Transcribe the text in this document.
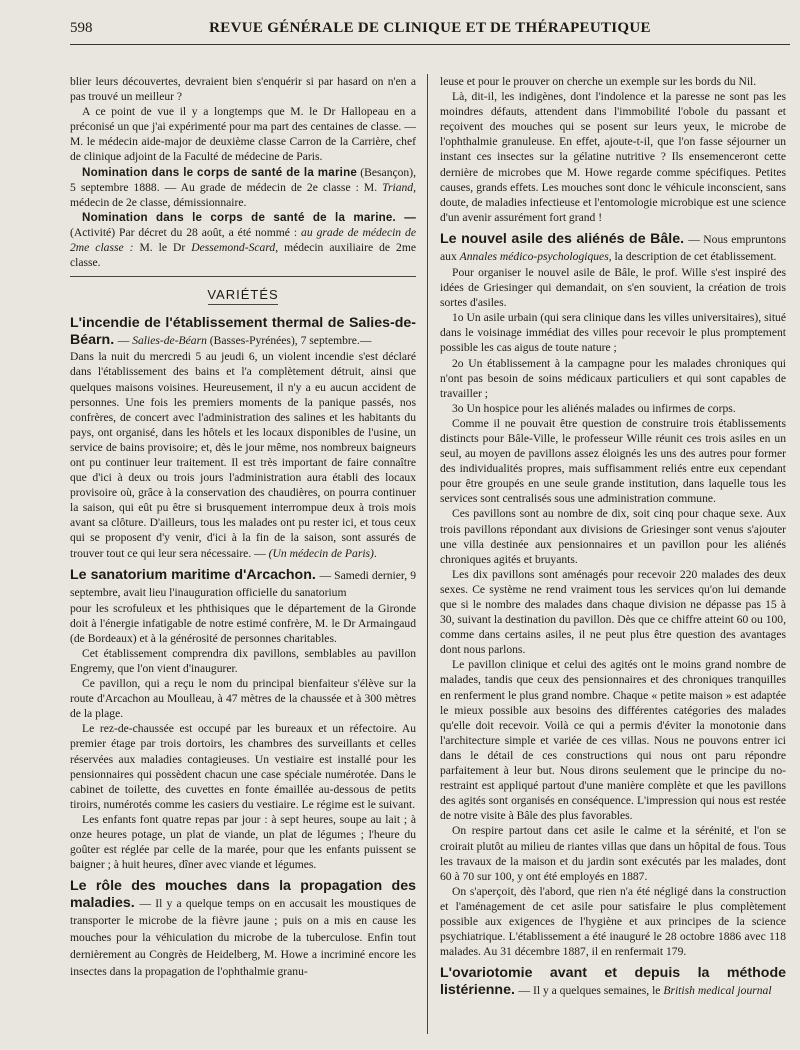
598	REVUE GÉNÉRALE DE CLINIQUE ET DE THÉRAPEUTIQUE

blier leurs découvertes, devraient bien s'enquérir si par hasard on n'en a pas trouvé un meilleur ?

A ce point de vue il y a longtemps que M. le Dr Hallopeau en a préconisé un que j'ai expérimenté pour ma part des centaines de classe. — M. le médecin aide-major de deuxième classe Carron de la Carrière, chef de clinique adjoint de la Faculté de médecine de Paris.

Nomination dans le corps de santé de la marine (Besançon), 5 septembre 1888. — Au grade de médecin de 2e classe : M. Triand, médecin de 2e classe, démissionnaire.

Nomination dans le corps de santé de la marine. — (Activité) Par décret du 28 août, a été nommé : au grade de médecin de 2me classe : M. le Dr Dessemond-Scard, médecin auxiliaire de 2me classe.

VARIÉTÉS

L'incendie de l'établissement thermal de Salies-de-Béarn. — Salies-de-Béarn (Basses-Pyrénées), 7 septembre.—

Dans la nuit du mercredi 5 au jeudi 6, un violent incendie s'est déclaré dans l'établissement des bains et l'a complètement détruit, ainsi que quelques maisons voisines. Heureusement, il n'y a eu aucun accident de personnes. Une fois les premiers moments de la panique passés, nos confrères, de concert avec l'administration des salines et les habitants du pays, ont organisé, dans les hôtels et les locaux disponibles de l'usine, un service de bains provisoire; et, dès le jour même, nos nombreux baigneurs ont pu continuer leur traitement. Il est très important de faire connaître que d'ici à deux ou trois jours l'administration aura établi des locaux provisoire où, grâce à la conservation des chaudières, on pourra continuer la saison, qui eût pu être si brusquement interrompue deux à trois mois avant sa clôture. D'ailleurs, tous les malades ont pu rester ici, et tous ceux qui se proposent d'y venir, d'ici à la fin de la saison, sont assurés de trouver tout ce qui leur sera nécessaire. — (Un médecin de Paris).

Le sanatorium maritime d'Arcachon. — Samedi dernier, 9 septembre, avait lieu l'inauguration officielle du sanatorium

pour les scrofuleux et les phthisiques que le département de la Gironde doit à l'énergie infatigable de notre estimé confrère, M. le Dr Armaingaud (de Bordeaux) et à la générosité de personnes charitables.

Cet établissement comprendra dix pavillons, semblables au pavillon Engremy, que l'on vient d'inaugurer.

Ce pavillon, qui a reçu le nom du principal bienfaiteur s'élève sur la route d'Arcachon au Moulleau, à 47 mètres de la chaussée et à 300 mètres de la plage.

Le rez-de-chaussée est occupé par les bureaux et un réfectoire. Au premier étage par trois dortoirs, les chambres des surveillants et celles réservées aux maladies contagieuses. Un vestiaire est installé pour les pensionnaires qui possèdent chacun une case spéciale numérotée. Dans le cabinet de toilette, des cuvettes en fonte émaillée au-dessous de petits tiroirs, numérotés comme les casiers du vestiaire. Le régime est le suivant.

Les enfants font quatre repas par jour : à sept heures, soupe au lait ; à onze heures potage, un plat de viande, un plat de légumes ; l'heure du goûter est réglée par celle de la marée, pour que les enfants puissent se baigner ; à huit heures, dîner avec viande et légumes.

Le rôle des mouches dans la propagation des maladies. — Il y a quelque temps on en accusait les moustiques de transporter le microbe de la fièvre jaune ; puis on a mis en cause les mouches pour la véhiculation du microbe de la tuberculose. Enfin tout dernièrement au Congrès de Heidelberg, M. Howe a incriminé encore les insectes dans la propagation de l'ophthalmie granu-

leuse et pour le prouver on cherche un exemple sur les bords du Nil.

Là, dit-il, les indigènes, dont l'indolence et la paresse ne sont pas les moindres défauts, attendent dans l'immobilité l'obole du passant et reçoivent des mouches qui se posent sur leurs yeux, le microbe de l'ophthalmie granuleuse. En effet, ajoute-t-il, que l'on fasse séjourner un instant ces insectes sur la gélatine nutritive ? Ils ensemenceront cette dernière de microbes que M. Howe regarde comme spécifiques. Petites causes, grands effets. Les mouches sont donc le véhicule inconscient, sans doute, de maladies infectieuse et l'entomologie microbique est une science d'un avenir assurément fort grand !

Le nouvel asile des aliénés de Bâle. — Nous empruntons aux Annales médico-psychologiques, la description de cet établissement.

Pour organiser le nouvel asile de Bâle, le prof. Wille s'est inspiré des idées de Griesinger qui demandait, on s'en souvient, la création de trois sortes d'asiles.

1o Un asile urbain (qui sera clinique dans les villes universitaires), situé dans le voisinage immédiat des villes pour recevoir le plus promptement possible les cas aigus de toute nature ;

2o Un établissement à la campagne pour les malades chroniques qui n'ont pas besoin de soins médicaux particuliers et qui sont capables de travailler ;

3o Un hospice pour les aliénés malades ou infirmes de corps.

Comme il ne pouvait être question de construire trois établissements distincts pour Bâle-Ville, le professeur Wille réunit ces trois asiles en un seul, au moyen de pavillons assez éloignés les uns des autres pour former des individualités propres, mais suffisamment reliés entre eux cependant pour être groupés en une seule grande institution, dans laquelle tous les services sont centralisés sous une administration commune.

Ces pavillons sont au nombre de dix, soit cinq pour chaque sexe. Aux trois pavillons répondant aux divisions de Griesinger sont venus s'ajouter une villa destinée aux pensionnaires et un pavillon pour les aliénés chroniques agités et bruyants.

Les dix pavillons sont aménagés pour recevoir 220 malades des deux sexes. Ce système ne rend vraiment tous les services qu'on lui demande que si le nombre des malades dans chaque division ne dépasse pas 15 à 30, suivant la destination du pavillon. Dès que ce chiffre atteint 60 ou 100, comme dans certains asiles, il ne peut plus être question des avantages dont nous parlons.

Le pavillon clinique et celui des agités ont le moins grand nombre de malades, tandis que ceux des pensionnaires et des chroniques tranquilles en renferment le plus grand nombre. Chaque « petite maison » est adaptée le mieux possible aux besoins des différentes catégories des malades qu'elle doit recevoir. Voilà ce qui a permis d'éviter la monotonie dans l'architecture simple et variée de ces villas. Nous ne pouvons entrer ici dans le détail de ces constructions qui nous ont paru répondre parfaitement à leur but. Nous dirons seulement que le principe du no-restraint est appliqué partout d'une manière complète et que les pavillons des agités sont organisés en conséquence. L'impression qui nous est restée de notre visite à Bâle des plus favorables.

On respire partout dans cet asile le calme et la sérénité, et l'on se croirait plutôt au milieu de riantes villas que dans un hôpital de fous. Tous les travaux de la maison et du jardin sont exécutés par les malades, dont 60 à 70 sur 100, y ont été employés en 1887.

On s'aperçoit, dès l'abord, que rien n'a été négligé dans la construction et l'aménagement de cet asile pour satisfaire le plus complètement possible aux exigences de l'hygiène et aux principes de la science psychiatrique. L'établissement a été inauguré le 28 octobre 1886 avec 118 malades. Au 31 décembre 1887, il en renfermait 179.

L'ovariotomie avant et depuis la méthode listérienne. — Il y a quelques semaines, le British medical journal
